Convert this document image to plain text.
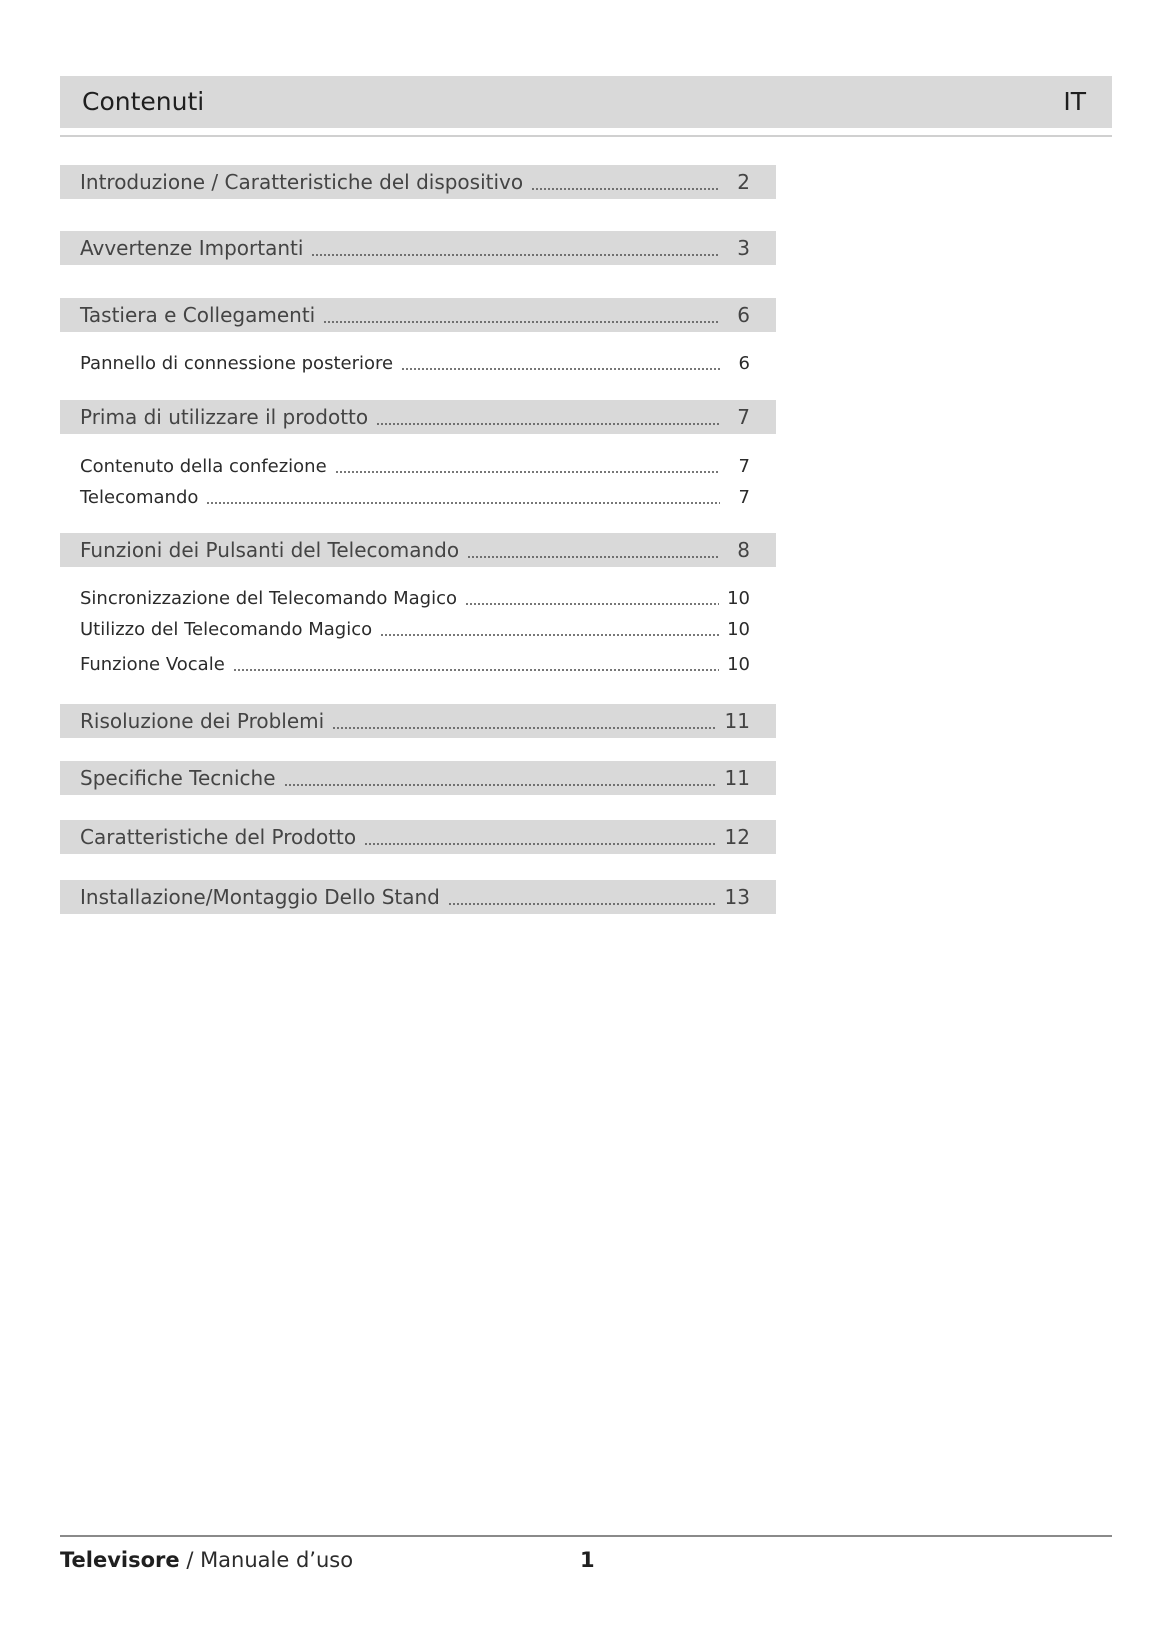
Contenuti	IT
Introduzione / Caratteristiche del dispositivo	2
Avvertenze Importanti	3
Tastiera e Collegamenti	6
Pannello di connessione posteriore	6
Prima di utilizzare il prodotto	7
Contenuto della confezione	7
Telecomando	7
Funzioni dei Pulsanti del Telecomando	8
Sincronizzazione del Telecomando Magico	10
Utilizzo del Telecomando Magico	10
Funzione Vocale	10
Risoluzione dei Problemi	11
Specifiche Tecniche	11
Caratteristiche del Prodotto	12
Installazione/Montaggio Dello Stand	13
Televisore / Manuale d’uso	1
